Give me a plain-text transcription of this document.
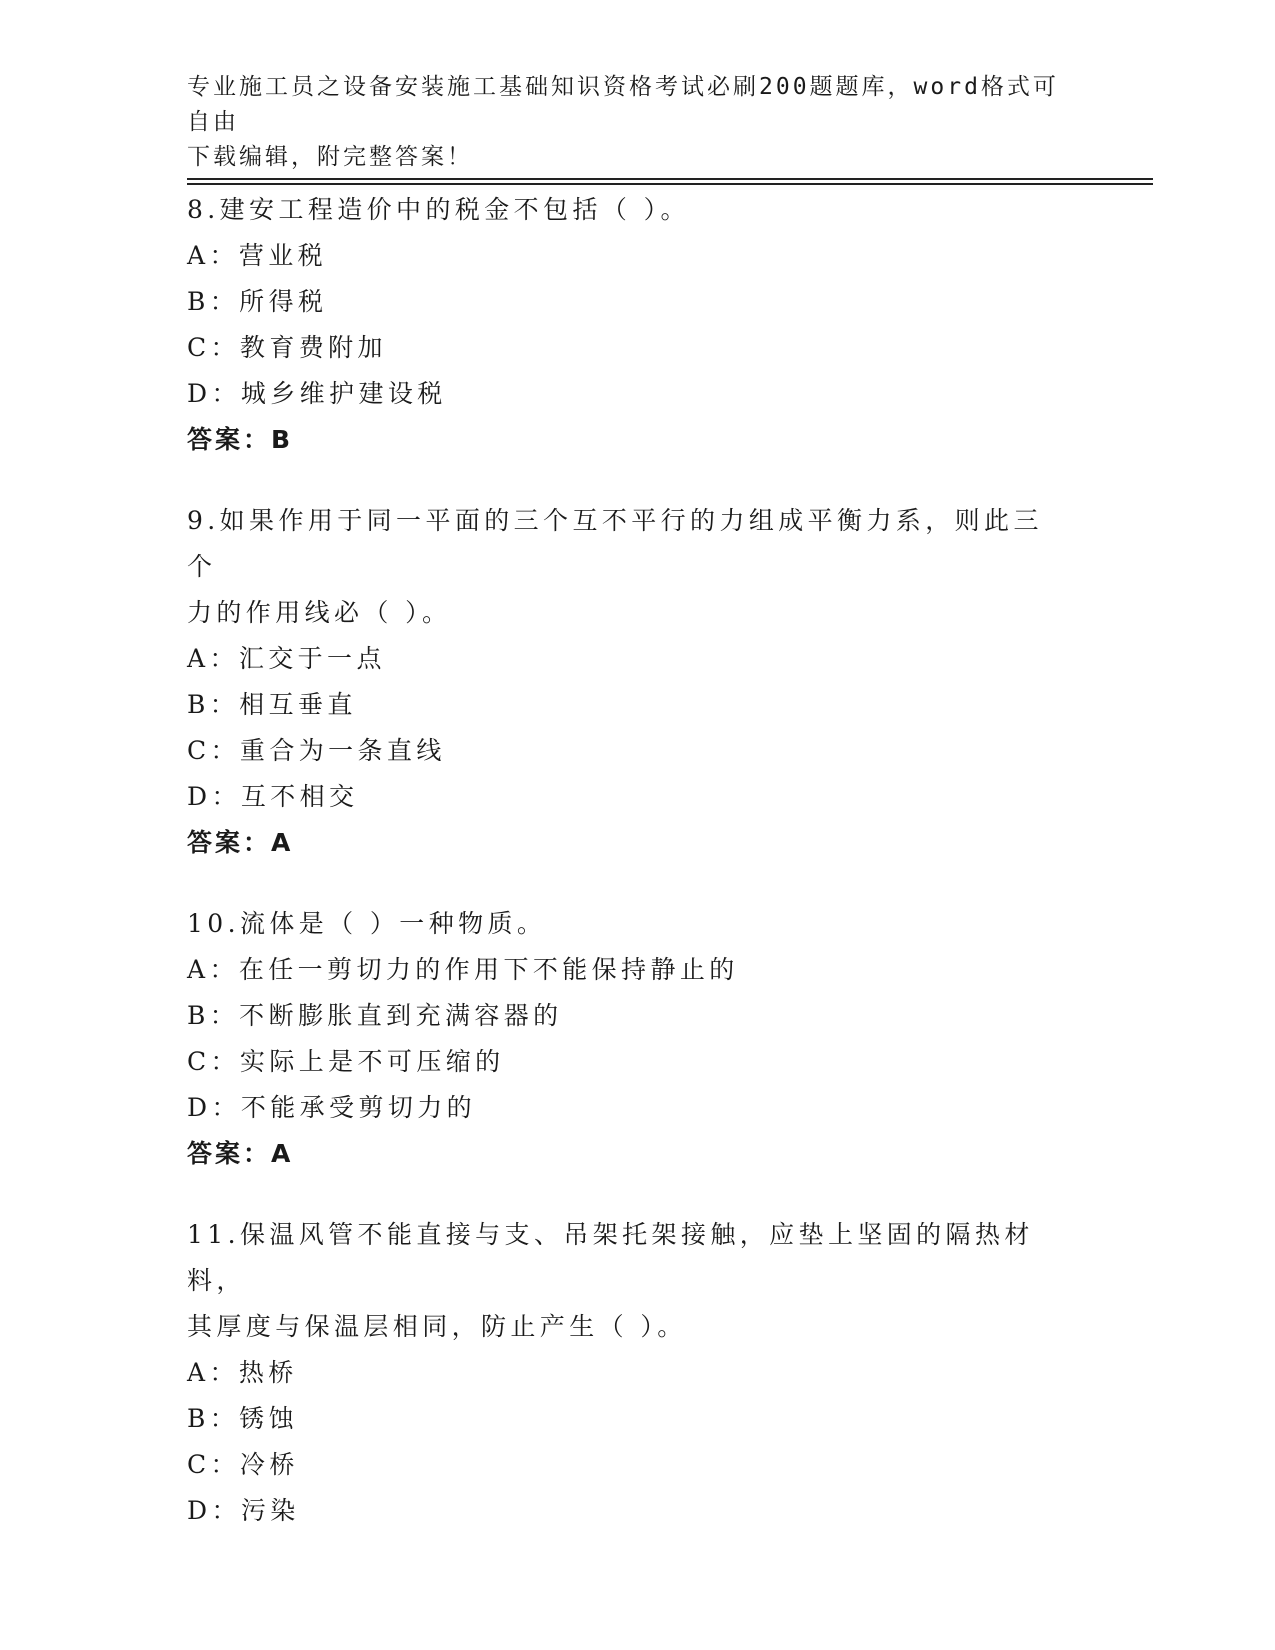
专业施工员之设备安装施工基础知识资格考试必刷200题题库，word格式可自由
下载编辑，附完整答案！
8.建安工程造价中的税金不包括（ ）。
A：营业税
B：所得税
C：教育费附加
D：城乡维护建设税
答案：B
9.如果作用于同一平面的三个互不平行的力组成平衡力系，则此三个
力的作用线必（ ）。
A：汇交于一点
B：相互垂直
C：重合为一条直线
D：互不相交
答案：A
10.流体是（ ）一种物质。
A：在任一剪切力的作用下不能保持静止的
B：不断膨胀直到充满容器的
C：实际上是不可压缩的
D：不能承受剪切力的
答案：A
11.保温风管不能直接与支、吊架托架接触，应垫上坚固的隔热材料，
其厚度与保温层相同，防止产生（ ）。
A：热桥
B：锈蚀
C：冷桥
D：污染
